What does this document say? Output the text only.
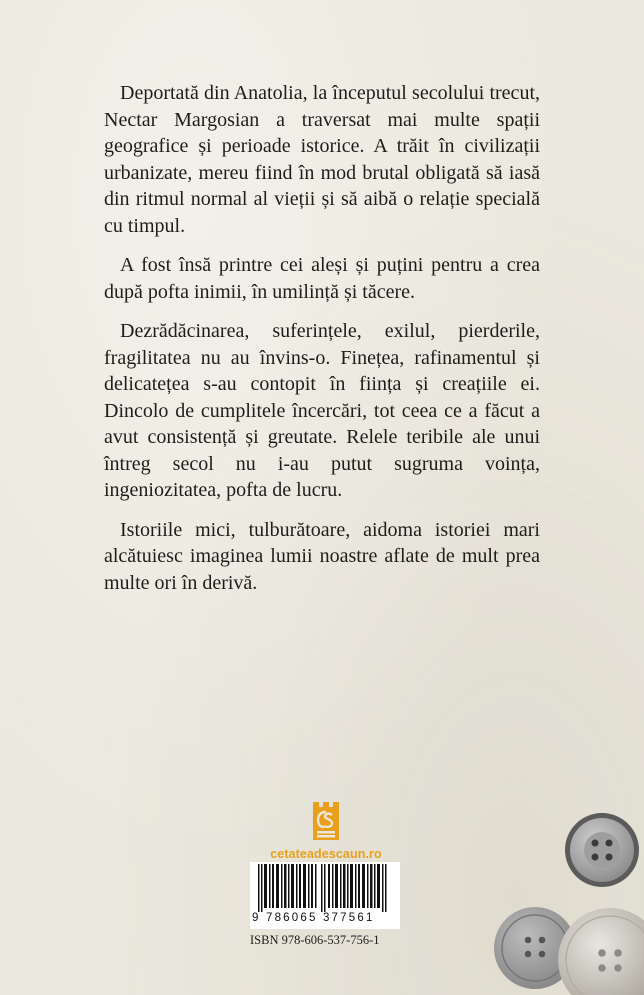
Deportată din Anatolia, la începutul secolului trecut, Nectar Margosian a traversat mai multe spații geografice și perioade istorice. A trăit în civilizații urbanizate, mereu fiind în mod brutal obligată să iasă din ritmul normal al vieții și să aibă o relație specială cu timpul.

A fost însă printre cei aleși și puțini pentru a crea după pofta inimii, în umilință și tăcere.

Dezrădăcinarea, suferințele, exilul, pierderile, fragilitatea nu au învins-o. Finețea, rafinamentul și delicatețea s-au contopit în ființa și creațiile ei. Dincolo de cumplitele încercări, tot ceea ce a făcut a avut consistență și greutate. Relele teribile ale unui întreg secol nu i-au putut sugruma voința, ingeniozitatea, pofta de lucru.

Istoriile mici, tulburătoare, aidoma istoriei mari alcătuiesc imaginea lumii noastre aflate de mult prea multe ori în derivă.

cetateadescaun.ro
9 786065 377561
ISBN 978-606-537-756-1
